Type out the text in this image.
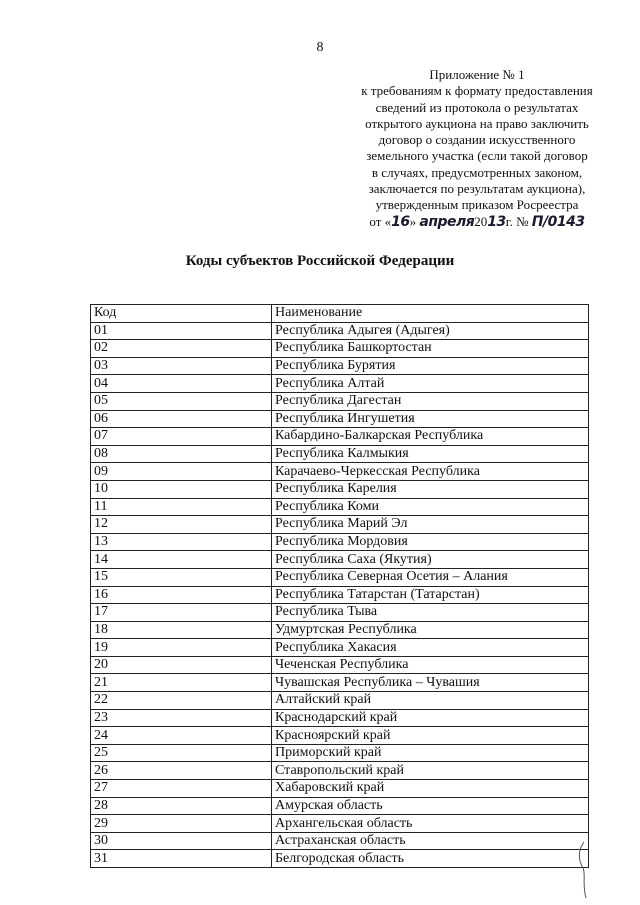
8
Приложение № 1
к требованиям к формату предоставления
сведений из протокола о результатах
открытого аукциона на право заключить
договор о создании искусственного
земельного участка (если такой договор
в случаях, предусмотренных законом,
заключается по результатам аукциона),
утвержденным приказом Росреестра
от «16» апреля2013г. № П/0143
Коды субъектов Российской Федерации
Код	Наименование
01	Республика Адыгея (Адыгея)
02	Республика Башкортостан
03	Республика Бурятия
04	Республика Алтай
05	Республика Дагестан
06	Республика Ингушетия
07	Кабардино-Балкарская Республика
08	Республика Калмыкия
09	Карачаево-Черкесская Республика
10	Республика Карелия
11	Республика Коми
12	Республика Марий Эл
13	Республика Мордовия
14	Республика Саха (Якутия)
15	Республика Северная Осетия – Алания
16	Республика Татарстан (Татарстан)
17	Республика Тыва
18	Удмуртская Республика
19	Республика Хакасия
20	Чеченская Республика
21	Чувашская Республика – Чувашия
22	Алтайский край
23	Краснодарский край
24	Красноярский край
25	Приморский край
26	Ставропольский край
27	Хабаровский край
28	Амурская область
29	Архангельская область
30	Астраханская область
31	Белгородская область
